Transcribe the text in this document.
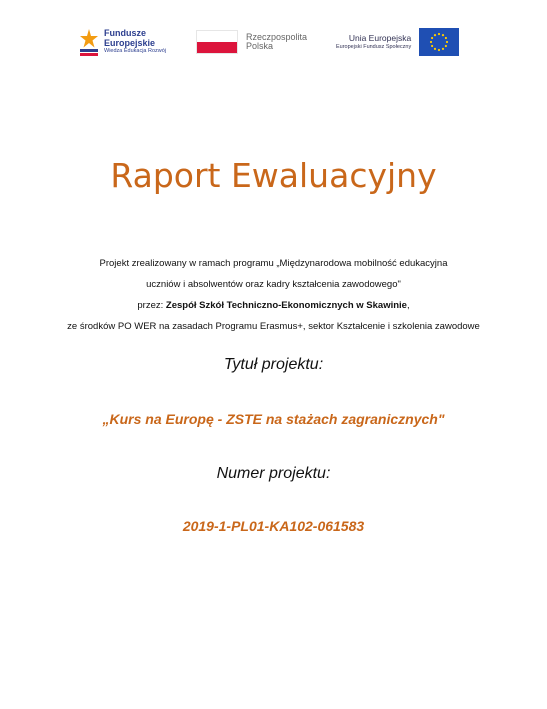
Fundusze
Europejskie
Wiedza Edukacja Rozwój
Rzeczpospolita
Polska
Unia Europejska
Europejski Fundusz Społeczny
Raport Ewaluacyjny
Projekt zrealizowany w ramach programu „Międzynarodowa mobilność edukacyjna
uczniów i absolwentów oraz kadry kształcenia zawodowego"
przez: Zespół Szkół Techniczno-Ekonomicznych w Skawinie,
ze środków PO WER na zasadach Programu Erasmus+, sektor Kształcenie i szkolenia zawodowe
Tytuł projektu:
„Kurs na Europę - ZSTE na stażach zagranicznych"
Numer projektu:
2019-1-PL01-KA102-061583
